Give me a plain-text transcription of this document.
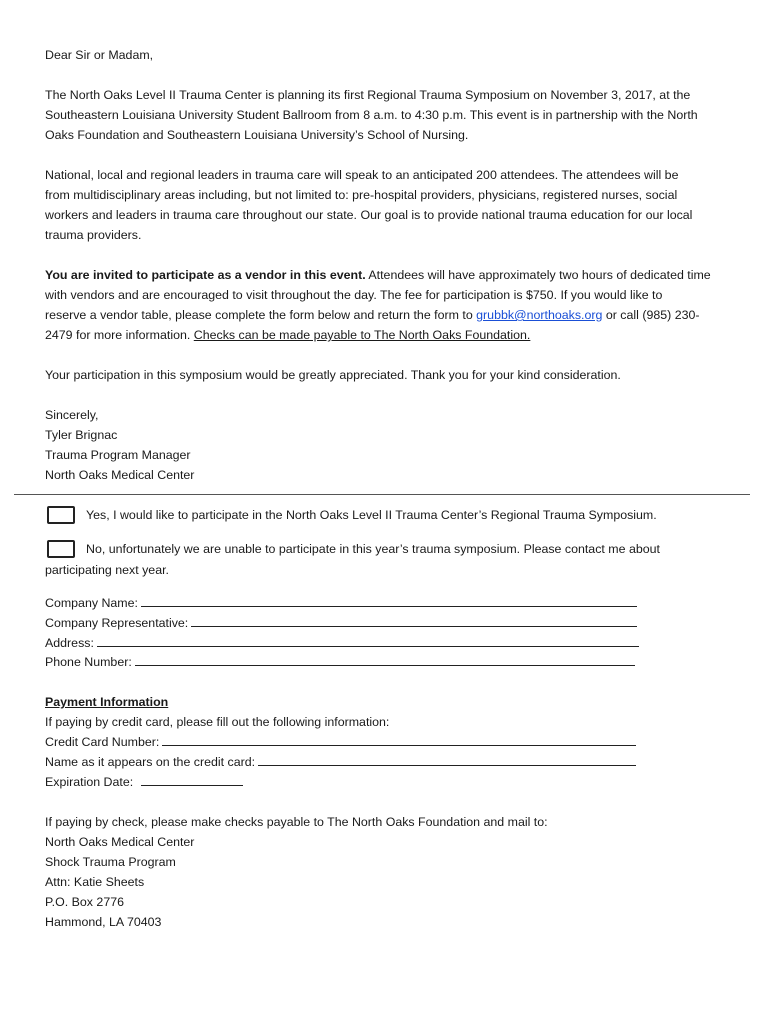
Dear Sir or Madam,
The North Oaks Level II Trauma Center is planning its first Regional Trauma Symposium on November 3, 2017, at the
Southeastern Louisiana University Student Ballroom from 8 a.m. to 4:30 p.m. This event is in partnership with the North
Oaks Foundation and Southeastern Louisiana University’s School of Nursing.
National, local and regional leaders in trauma care will speak to an anticipated 200 attendees. The attendees will be
from multidisciplinary areas including, but not limited to: pre-hospital providers, physicians, registered nurses, social
workers and leaders in trauma care throughout our state. Our goal is to provide national trauma education for our local
trauma providers.
You are invited to participate as a vendor in this event. Attendees will have approximately two hours of dedicated time
with vendors and are encouraged to visit throughout the day. The fee for participation is $750. If you would like to
reserve a vendor table, please complete the form below and return the form to grubbk@northoaks.org or call (985) 230-
2479 for more information. Checks can be made payable to The North Oaks Foundation.
Your participation in this symposium would be greatly appreciated. Thank you for your kind consideration.
Sincerely,
Tyler Brignac
Trauma Program Manager
North Oaks Medical Center
Yes, I would like to participate in the North Oaks Level II Trauma Center’s Regional Trauma Symposium.
No, unfortunately we are unable to participate in this year’s trauma symposium. Please contact me about
participating next year.
Company Name:
Company Representative:
Address:
Phone Number:
Payment Information
If paying by credit card, please fill out the following information:
Credit Card Number:
Name as it appears on the credit card:
Expiration Date:
If paying by check, please make checks payable to The North Oaks Foundation and mail to:
North Oaks Medical Center
Shock Trauma Program
Attn: Katie Sheets
P.O. Box 2776
Hammond, LA 70403
